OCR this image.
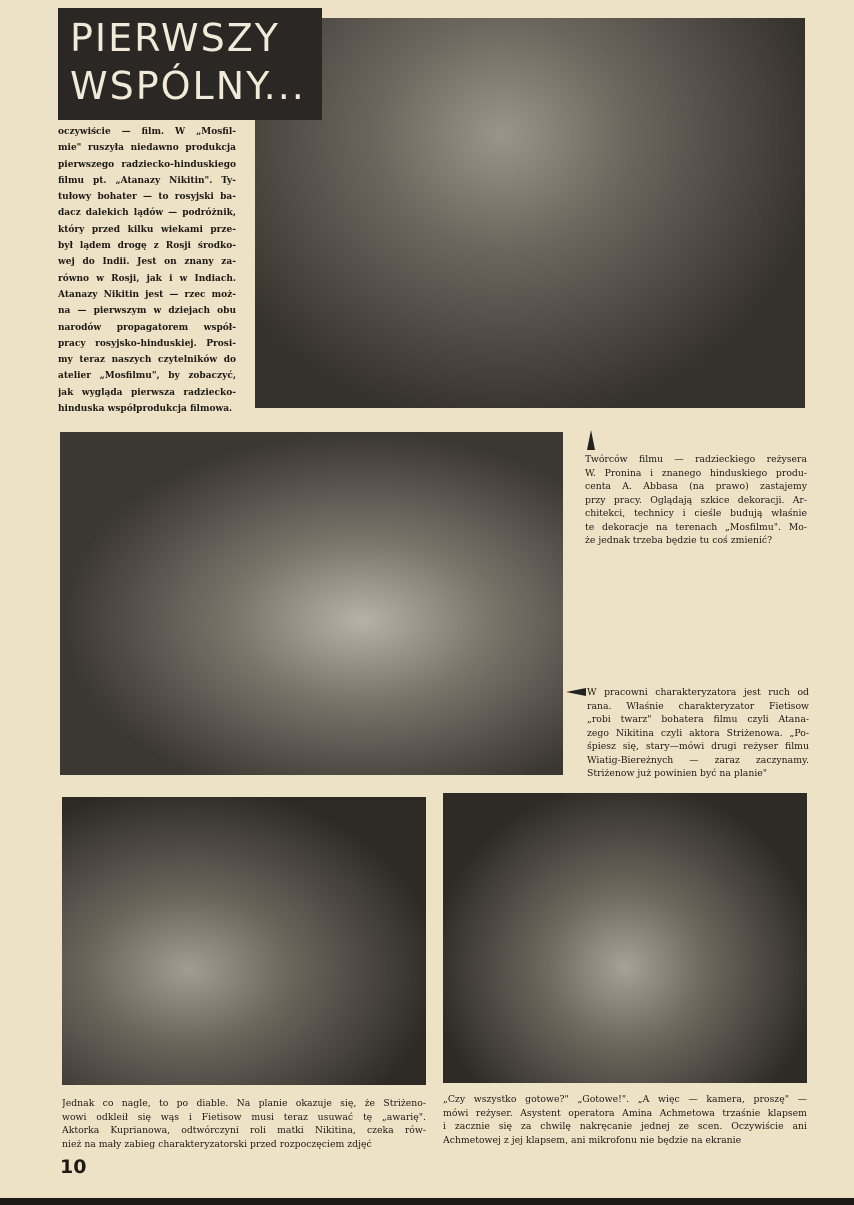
PIERWSZY
WSPÓLNY...
oczywiście — film. W „Mosfil-
mie" ruszyła niedawno produkcja
pierwszego radziecko-hinduskiego
filmu pt. „Atanazy Nikitin". Ty-
tułowy bohater — to rosyjski ba-
dacz dalekich lądów — podróżnik,
który przed kilku wiekami prze-
był lądem drogę z Rosji środko-
wej do Indii. Jest on znany za-
równo w Rosji, jak i w Indiach.
Atanazy Nikitin jest — rzec moż-
na — pierwszym w dziejach obu
narodów propagatorem współ-
pracy rosyjsko-hinduskiej. Prosi-
my teraz naszych czytelników do
atelier „Mosfilmu", by zobaczyć,
jak wygląda pierwsza radziecko-
hinduska współprodukcja filmowa.
Twórców filmu — radzieckiego reżysera
W. Pronina i znanego hinduskiego produ-
centa A. Abbasa (na prawo) zastajemy
przy pracy. Oglądają szkice dekoracji. Ar-
chitekci, technicy i cieśle budują właśnie
te dekoracje na terenach „Mosfilmu". Mo-
że jednak trzeba będzie tu coś zmienić?
W pracowni charakteryzatora jest ruch od
rana. Właśnie charakteryzator Fietisow
„robi twarz" bohatera filmu czyli Atana-
zego Nikitina czyli aktora Striżenowa. „Po-
śpiesz się, stary—mówi drugi reżyser filmu
Wiatig-Biereżnych — zaraz zaczynamy.
Striżenow już powinien być na planie"
Jednak co nagle, to po diable. Na planie okazuje się, że Striżeno-
wowi odkleił się wąs i Fietisow musi teraz usuwać tę „awarię".
Aktorka Kuprianowa, odtwórczyni roli matki Nikitina, czeka rów-
nież na mały zabieg charakteryzatorski przed rozpoczęciem zdjęć
„Czy wszystko gotowe?" „Gotowe!". „A więc — kamera, proszę" —
mówi reżyser. Asystent operatora Amina Achmetowa trzaśnie klapsem
i zacznie się za chwilę nakręcanie jednej ze scen. Oczywiście ani
Achmetowej z jej klapsem, ani mikrofonu nie będzie na ekranie
10
